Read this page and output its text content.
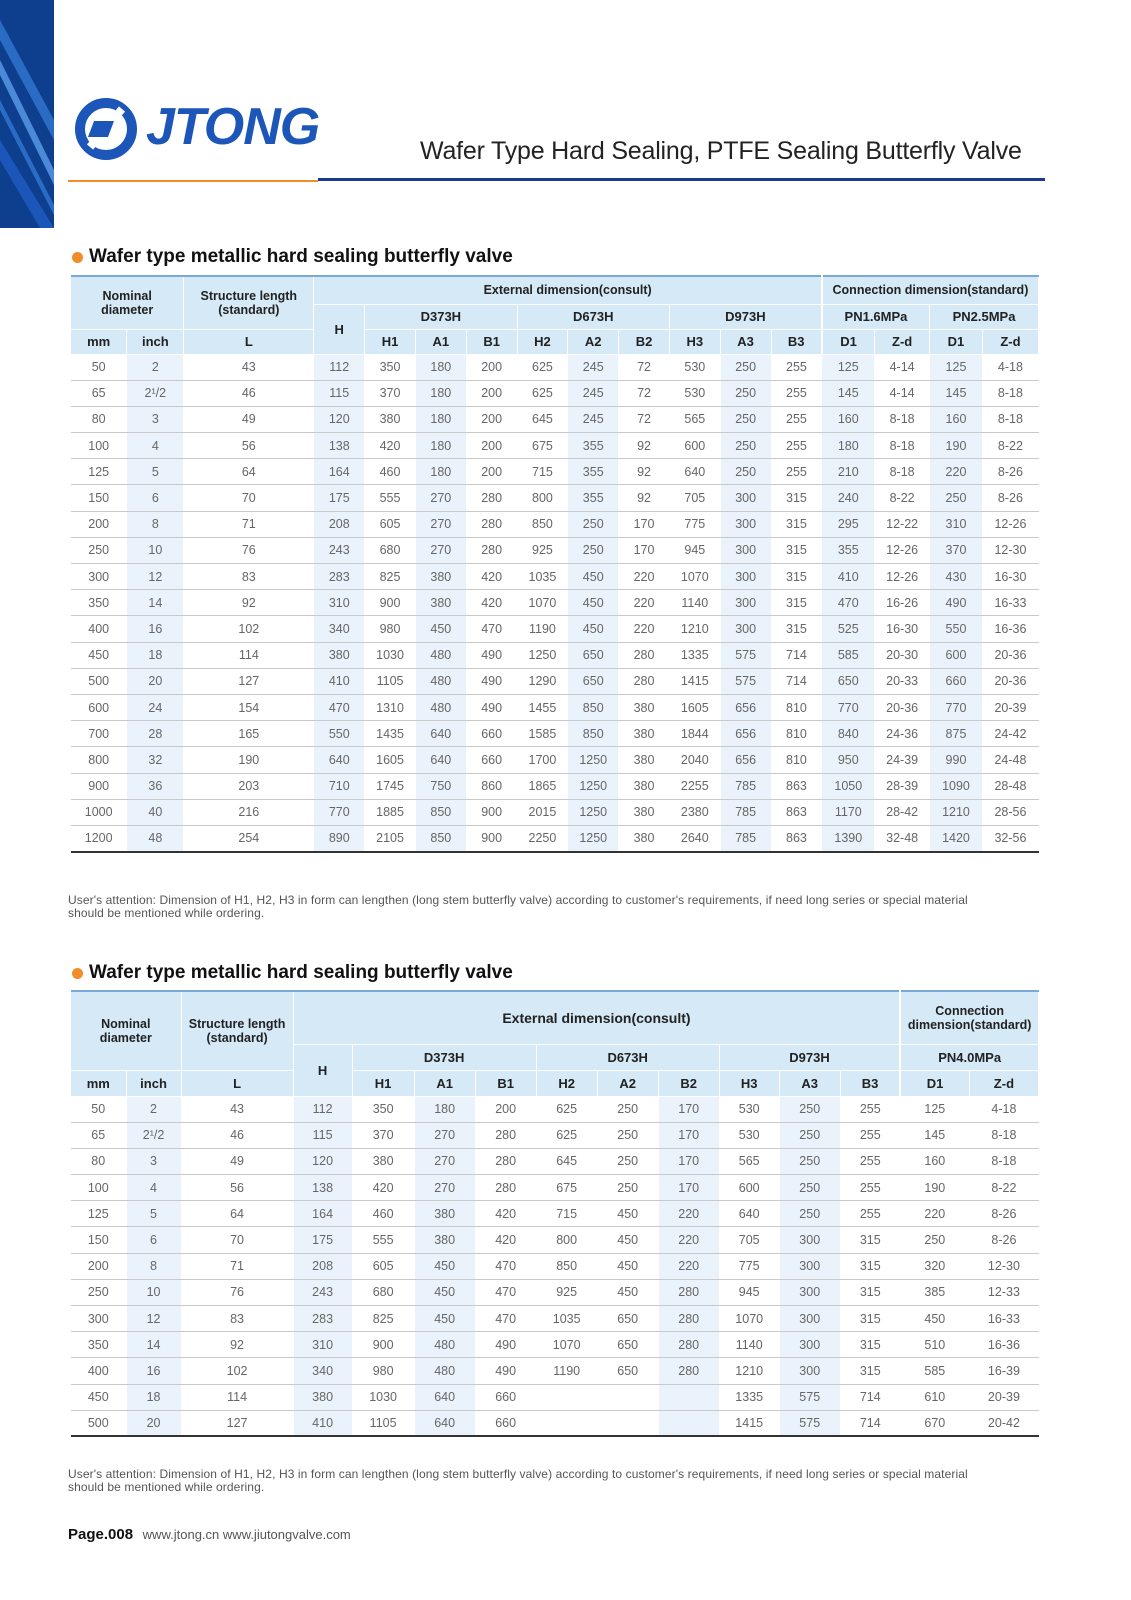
JTONG	Wafer Type Hard Sealing, PTFE Sealing Butterfly Valve
Wafer type metallic hard sealing butterfly valve
Nominal diameter		Structure length (standard)	External dimension(consult)										Connection dimension(standard)			
			H	D373H			D673H			D973H			PN1.6MPa		PN2.5MPa	
mm	inch	L		H1	A1	B1	H2	A2	B2	H3	A3	B3	D1	Z-d	D1	Z-d
50	2	43	112	350	180	200	625	245	72	530	250	255	125	4-14	125	4-18
65	2¹/2	46	115	370	180	200	625	245	72	530	250	255	145	4-14	145	8-18
80	3	49	120	380	180	200	645	245	72	565	250	255	160	8-18	160	8-18
100	4	56	138	420	180	200	675	355	92	600	250	255	180	8-18	190	8-22
125	5	64	164	460	180	200	715	355	92	640	250	255	210	8-18	220	8-26
150	6	70	175	555	270	280	800	355	92	705	300	315	240	8-22	250	8-26
200	8	71	208	605	270	280	850	250	170	775	300	315	295	12-22	310	12-26
250	10	76	243	680	270	280	925	250	170	945	300	315	355	12-26	370	12-30
300	12	83	283	825	380	420	1035	450	220	1070	300	315	410	12-26	430	16-30
350	14	92	310	900	380	420	1070	450	220	1140	300	315	470	16-26	490	16-33
400	16	102	340	980	450	470	1190	450	220	1210	300	315	525	16-30	550	16-36
450	18	114	380	1030	480	490	1250	650	280	1335	575	714	585	20-30	600	20-36
500	20	127	410	1105	480	490	1290	650	280	1415	575	714	650	20-33	660	20-36
600	24	154	470	1310	480	490	1455	850	380	1605	656	810	770	20-36	770	20-39
700	28	165	550	1435	640	660	1585	850	380	1844	656	810	840	24-36	875	24-42
800	32	190	640	1605	640	660	1700	1250	380	2040	656	810	950	24-39	990	24-48
900	36	203	710	1745	750	860	1865	1250	380	2255	785	863	1050	28-39	1090	28-48
1000	40	216	770	1885	850	900	2015	1250	380	2380	785	863	1170	28-42	1210	28-56
1200	48	254	890	2105	850	900	2250	1250	380	2640	785	863	1390	32-48	1420	32-56
User's attention: Dimension of H1, H2, H3 in form can lengthen (long stem butterfly valve) according to customer's requirements, if need long series or special material should be mentioned while ordering.
Wafer type metallic hard sealing butterfly valve
Nominal diameter		Structure length (standard)	External dimension(consult)										Connection dimension(standard)	
			H	D373H			D673H			D973H			PN4.0MPa	
mm	inch	L		H1	A1	B1	H2	A2	B2	H3	A3	B3	D1	Z-d
50	2	43	112	350	180	200	625	250	170	530	250	255	125	4-18
65	2¹/2	46	115	370	270	280	625	250	170	530	250	255	145	8-18
80	3	49	120	380	270	280	645	250	170	565	250	255	160	8-18
100	4	56	138	420	270	280	675	250	170	600	250	255	190	8-22
125	5	64	164	460	380	420	715	450	220	640	250	255	220	8-26
150	6	70	175	555	380	420	800	450	220	705	300	315	250	8-26
200	8	71	208	605	450	470	850	450	220	775	300	315	320	12-30
250	10	76	243	680	450	470	925	450	280	945	300	315	385	12-33
300	12	83	283	825	450	470	1035	650	280	1070	300	315	450	16-33
350	14	92	310	900	480	490	1070	650	280	1140	300	315	510	16-36
400	16	102	340	980	480	490	1190	650	280	1210	300	315	585	16-39
450	18	114	380	1030	640	660				1335	575	714	610	20-39
500	20	127	410	1105	640	660				1415	575	714	670	20-42
User's attention: Dimension of H1, H2, H3 in form can lengthen (long stem butterfly valve) according to customer's requirements, if need long series or special material should be mentioned while ordering.
Page.008 www.jtong.cn www.jiutongvalve.com
